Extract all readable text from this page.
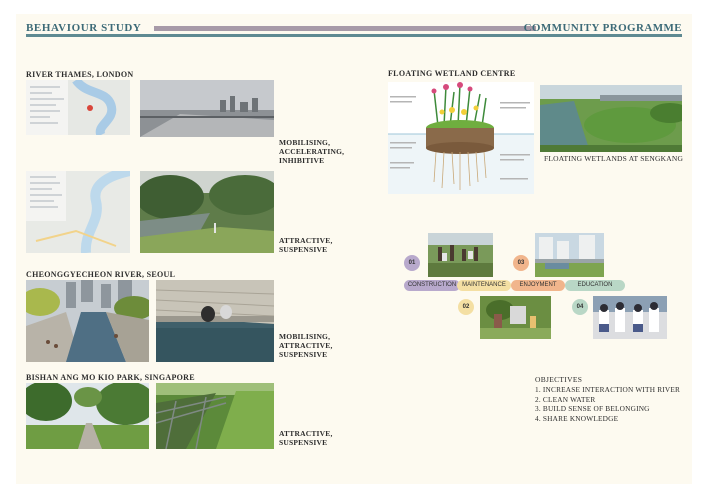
BEHAVIOUR STUDY	COMMUNITY PROGRAMME
RIVER THAMES, LONDON
MOBILISING,
ACCELERATING,
INHIBITIVE
ATTRACTIVE,
SUSPENSIVE
CHEONGGYECHEON RIVER, SEOUL
MOBILISING,
ATTRACTIVE,
SUSPENSIVE
BISHAN ANG MO KIO PARK, SINGAPORE
ATTRACTIVE,
SUSPENSIVE
FLOATING WETLAND CENTRE
FLOATING WETLANDS AT SENGKANG
CONSTRUCTION MAINTENANCE	ENJOYMENT	EDUCATION
01
02
03
04
OBJECTIVES
1. INCREASE INTERACTION WITH RIVER
2. CLEAN WATER
3. BUILD SENSE OF BELONGING
4. SHARE KNOWLEDGE
